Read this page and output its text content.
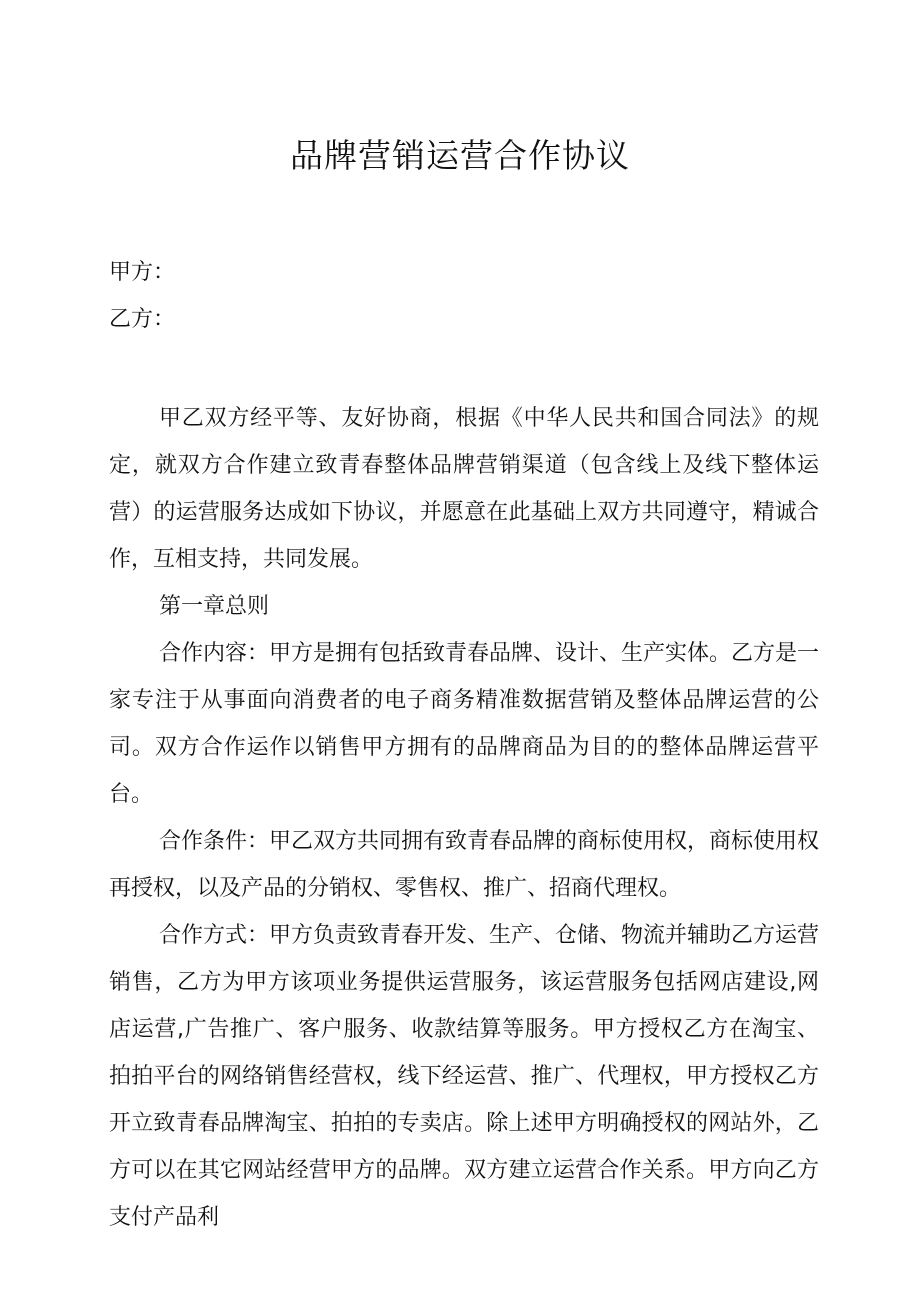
品牌营销运营合作协议

甲方：

乙方：

甲乙双方经平等、友好协商，根据《中华人民共和国合同法》的规定，就双方合作建立致青春整体品牌营销渠道（包含线上及线下整体运营）的运营服务达成如下协议，并愿意在此基础上双方共同遵守，精诚合作，互相支持，共同发展。

第一章总则

合作内容：甲方是拥有包括致青春品牌、设计、生产实体。乙方是一家专注于从事面向消费者的电子商务精准数据营销及整体品牌运营的公司。双方合作运作以销售甲方拥有的品牌商品为目的的整体品牌运营平台。

合作条件：甲乙双方共同拥有致青春品牌的商标使用权，商标使用权再授权，以及产品的分销权、零售权、推广、招商代理权。

合作方式：甲方负责致青春开发、生产、仓储、物流并辅助乙方运营销售，乙方为甲方该项业务提供运营服务，该运营服务包括网店建设,网店运营,广告推广、客户服务、收款结算等服务。甲方授权乙方在淘宝、拍拍平台的网络销售经营权，线下经运营、推广、代理权，甲方授权乙方开立致青春品牌淘宝、拍拍的专卖店。除上述甲方明确授权的网站外，乙方可以在其它网站经营甲方的品牌。双方建立运营合作关系。甲方向乙方支付产品利
